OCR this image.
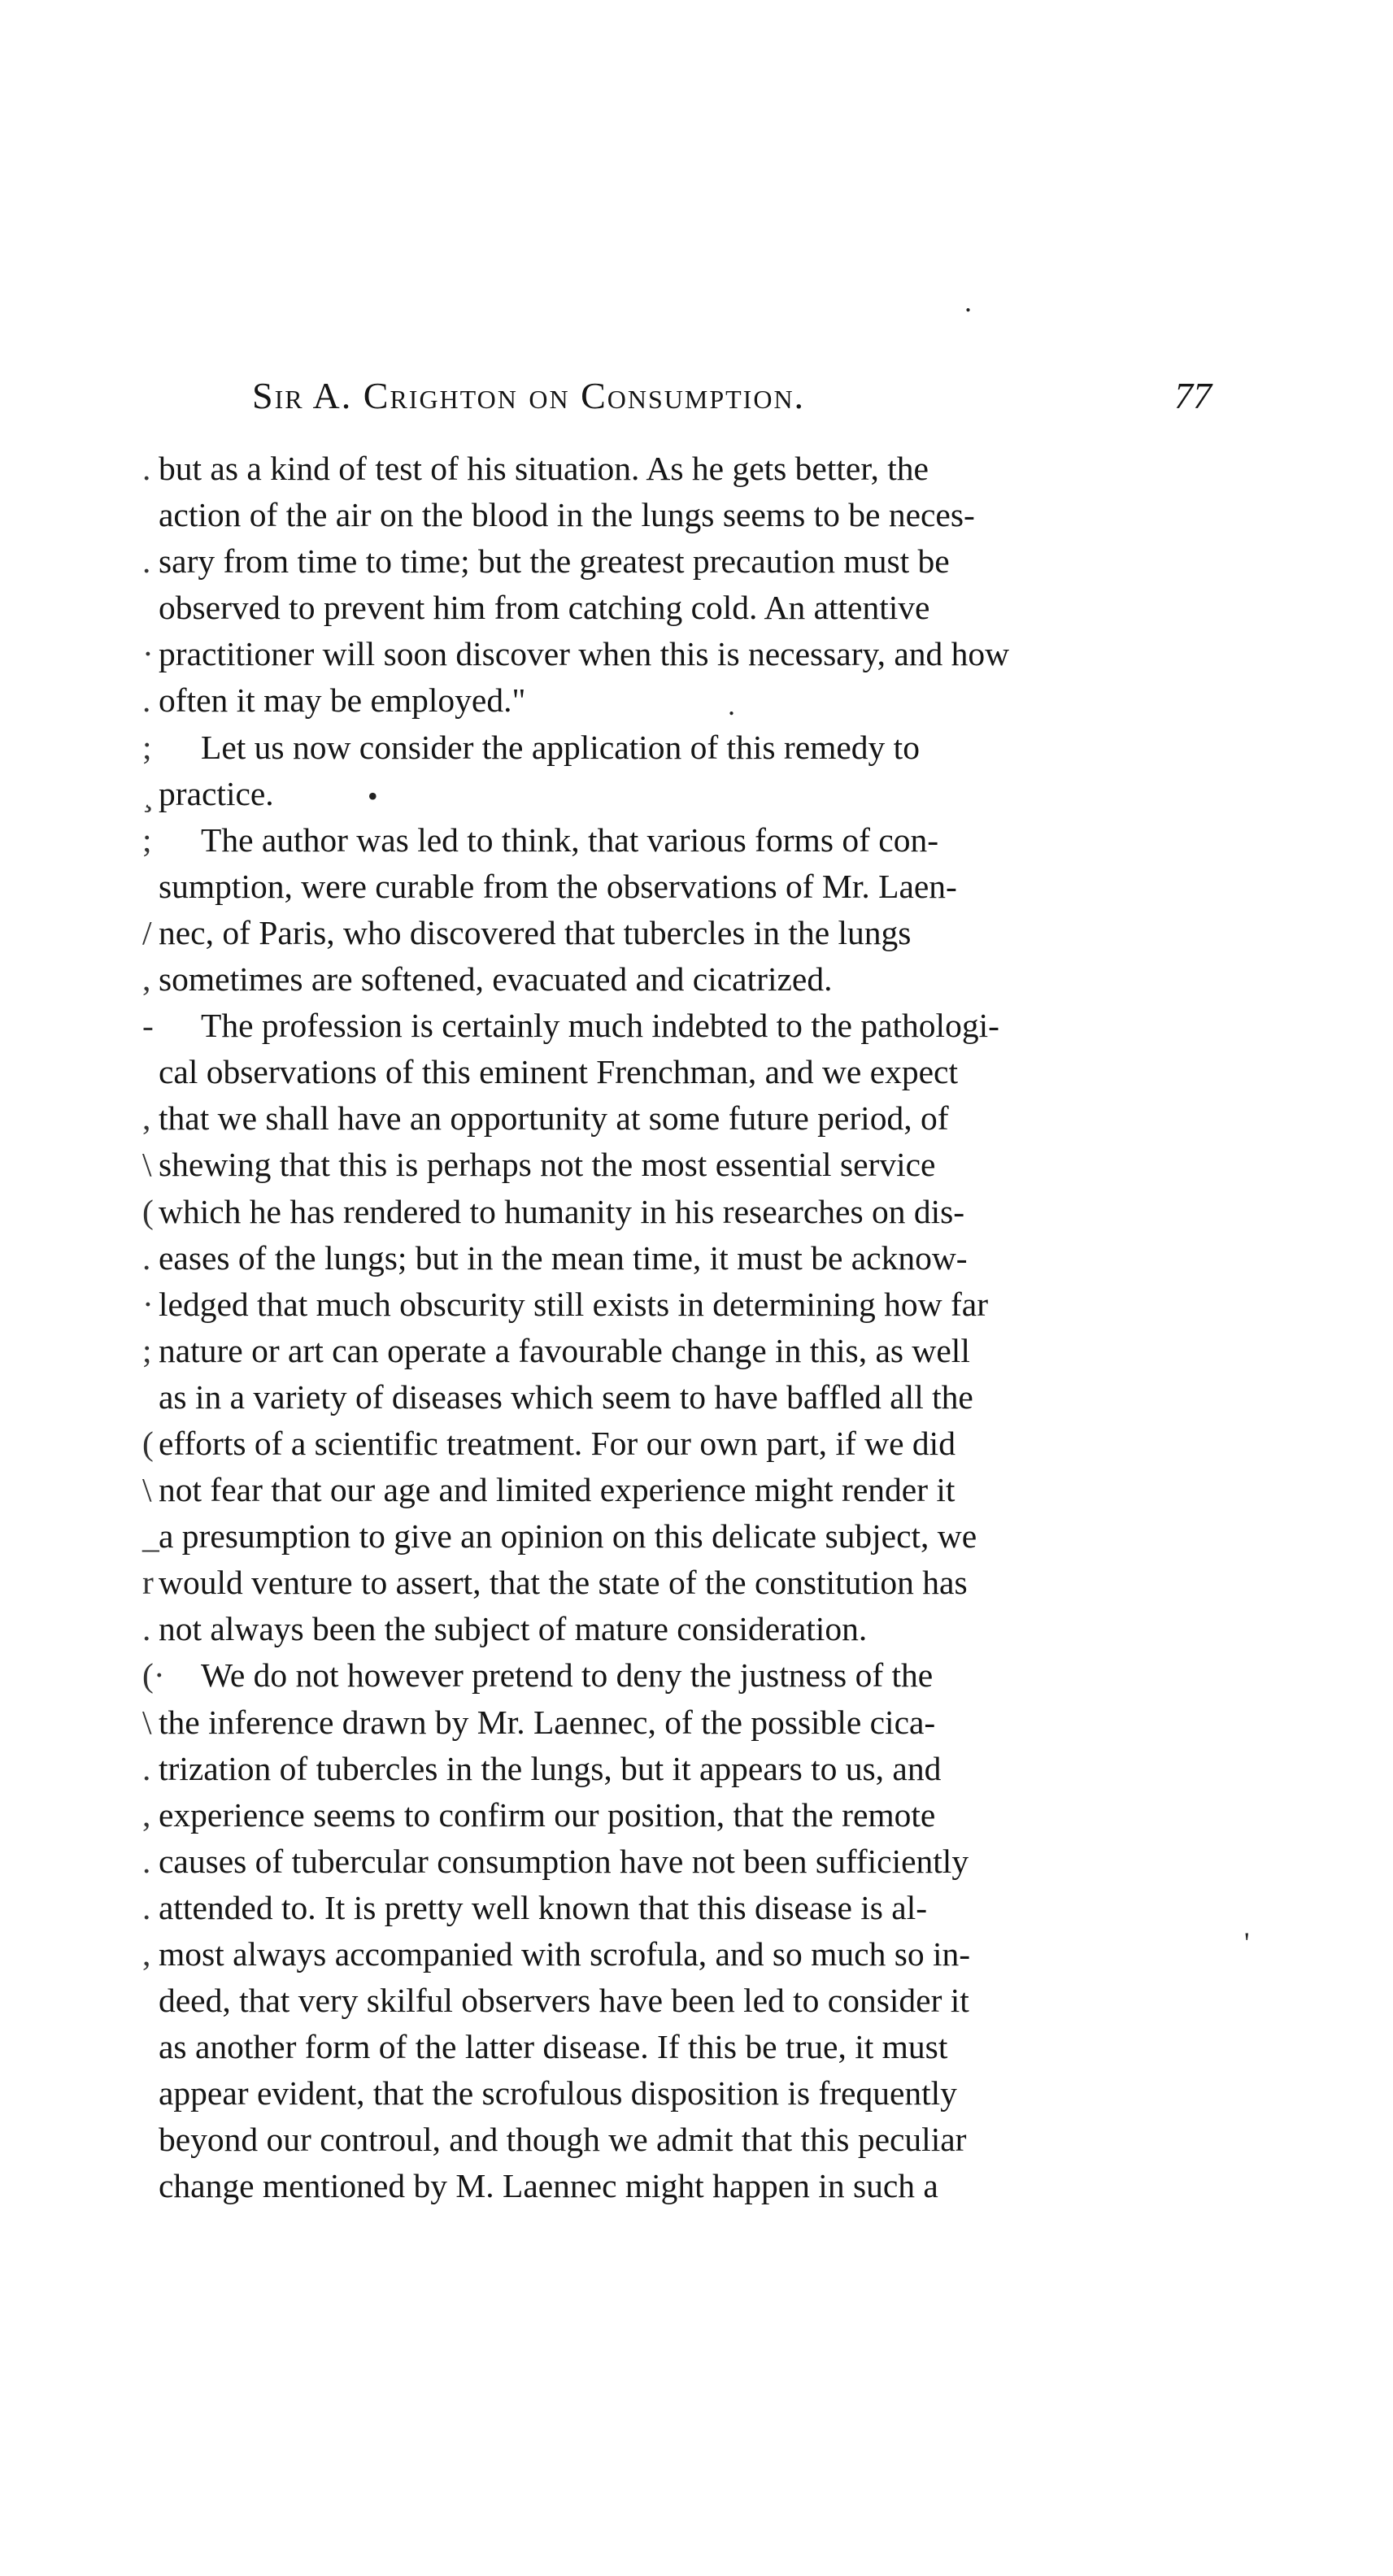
.
Sir A. Crighton on Consumption.	77
.
•
'
. but as a kind of test of his situation. As he gets better, the
action of the air on the blood in the lungs seems to be neces-
. sary from time to time; but the greatest precaution must be
observed to prevent him from catching cold. An attentive
· practitioner will soon discover when this is necessary, and how
. often it may be employed."
;	Let us now consider the application of this remedy to
¸ practice.
;	The author was led to think, that various forms of con-
sumption, were curable from the observations of Mr. Laen-
/ nec, of Paris, who discovered that tubercles in the lungs
, sometimes are softened, evacuated and cicatrized.
-	The profession is certainly much indebted to the pathologi-
cal observations of this eminent Frenchman, and we expect
, that we shall have an opportunity at some future period, of
\ shewing that this is perhaps not the most essential service
( which he has rendered to humanity in his researches on dis-
. eases of the lungs; but in the mean time, it must be acknow-
· ledged that much obscurity still exists in determining how far
; nature or art can operate a favourable change in this, as well
as in a variety of diseases which seem to have baffled all the
( efforts of a scientific treatment. For our own part, if we did
\ not fear that our age and limited experience might render it
_ a presumption to give an opinion on this delicate subject, we
r would venture to assert, that the state of the constitution has
. not always been the subject of mature consideration.
(·	We do not however pretend to deny the justness of the
\ the inference drawn by Mr. Laennec, of the possible cica-
. trization of tubercles in the lungs, but it appears to us, and
, experience seems to confirm our position, that the remote
. causes of tubercular consumption have not been sufficiently
. attended to. It is pretty well known that this disease is al-
, most always accompanied with scrofula, and so much so in-
deed, that very skilful observers have been led to consider it
as another form of the latter disease. If this be true, it must
appear evident, that the scrofulous disposition is frequently
beyond our controul, and though we admit that this peculiar
change mentioned by M. Laennec might happen in such a
